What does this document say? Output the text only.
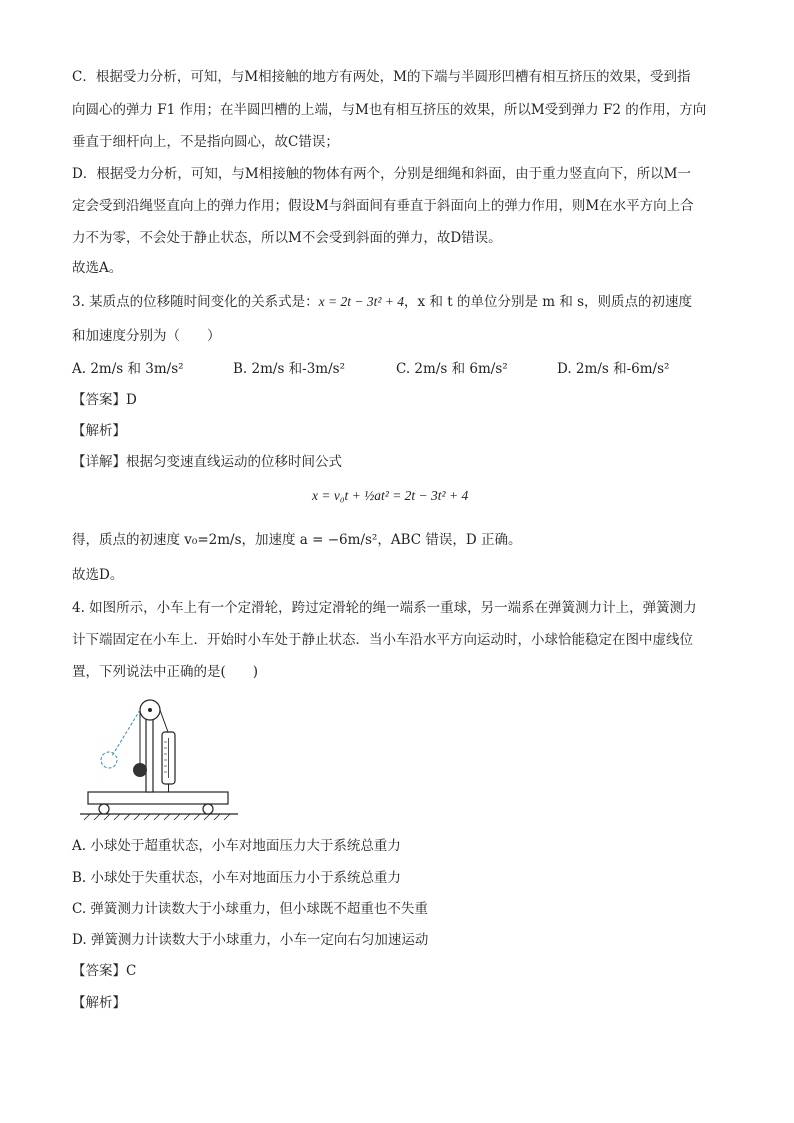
C．根据受力分析，可知，与M相接触的地方有两处，M的下端与半圆形凹槽有相互挤压的效果，受到指
向圆心的弹力 F1 作用；在半圆凹槽的上端，与M也有相互挤压的效果，所以M受到弹力 F2 的作用，方向
垂直于细杆向上，不是指向圆心，故C错误；
D．根据受力分析，可知，与M相接触的物体有两个，分别是细绳和斜面，由于重力竖直向下，所以M一
定会受到沿绳竖直向上的弹力作用；假设M与斜面间有垂直于斜面向上的弹力作用，则M在水平方向上合
力不为零，不会处于静止状态，所以M不会受到斜面的弹力，故D错误。
故选A。
3. 某质点的位移随时间变化的关系式是：x = 2t − 3t² + 4，x 和 t 的单位分别是 m 和 s，则质点的初速度
和加速度分别为（　　）
A. 2m/s 和 3m/s²	B. 2m/s 和-3m/s²	C. 2m/s 和 6m/s²	D. 2m/s 和-6m/s²
【答案】D
【解析】
【详解】根据匀变速直线运动的位移时间公式
x = v₀t + ½at² = 2t − 3t² + 4
得，质点的初速度 v₀=2m/s，加速度 a = −6m/s²，ABC 错误，D 正确。
故选D。
4. 如图所示，小车上有一个定滑轮，跨过定滑轮的绳一端系一重球，另一端系在弹簧测力计上，弹簧测力
计下端固定在小车上．开始时小车处于静止状态．当小车沿水平方向运动时，小球恰能稳定在图中虚线位
置，下列说法中正确的是(　　)
A. 小球处于超重状态，小车对地面压力大于系统总重力
B. 小球处于失重状态，小车对地面压力小于系统总重力
C. 弹簧测力计读数大于小球重力，但小球既不超重也不失重
D. 弹簧测力计读数大于小球重力，小车一定向右匀加速运动
【答案】C
【解析】
